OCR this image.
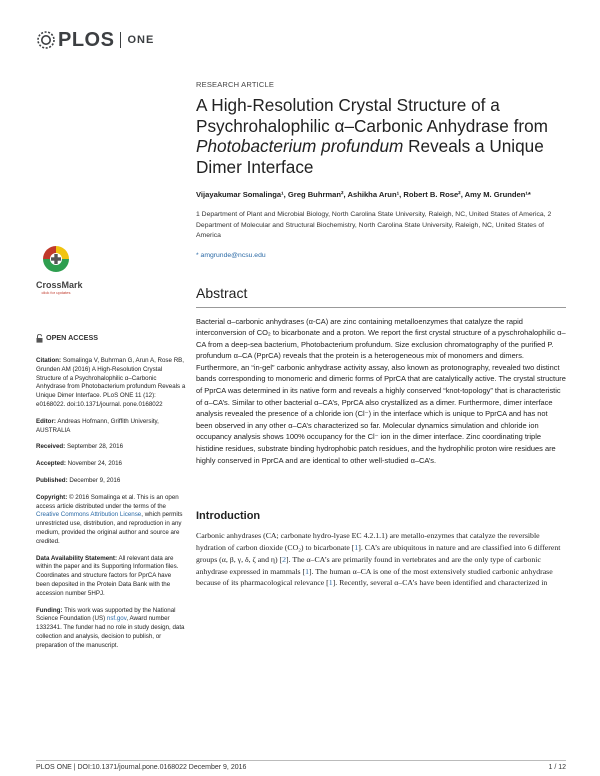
PLOS ONE
CrossMark
click for updates
OPEN ACCESS

Citation: Somalinga V, Buhrman G, Arun A, Rose RB, Grunden AM (2016) A High-Resolution Crystal Structure of a Psychrohalophilic α–Carbonic Anhydrase from Photobacterium profundum Reveals a Unique Dimer Interface. PLoS ONE 11 (12): e0168022. doi:10.1371/journal. pone.0168022

Editor: Andreas Hofmann, Griffith University, AUSTRALIA

Received: September 28, 2016

Accepted: November 24, 2016

Published: December 9, 2016

Copyright: © 2016 Somalinga et al. This is an open access article distributed under the terms of the Creative Commons Attribution License, which permits unrestricted use, distribution, and reproduction in any medium, provided the original author and source are credited.

Data Availability Statement: All relevant data are within the paper and its Supporting Information files. Coordinates and structure factors for PprCA have been deposited in the Protein Data Bank with the accession number 5HPJ.

Funding: This work was supported by the National Science Foundation (US) nsf.gov, Award number 1332341. The funder had no role in study design, data collection and analysis, decision to publish, or preparation of the manuscript.

RESEARCH ARTICLE
A High-Resolution Crystal Structure of a Psychrohalophilic α–Carbonic Anhydrase from Photobacterium profundum Reveals a Unique Dimer Interface
Vijayakumar Somalinga¹, Greg Buhrman², Ashikha Arun¹, Robert B. Rose², Amy M. Grunden¹*
1 Department of Plant and Microbial Biology, North Carolina State University, Raleigh, NC, United States of America, 2 Department of Molecular and Structural Biochemistry, North Carolina State University, Raleigh, NC, United States of America
* amgrunde@ncsu.edu
Abstract
Bacterial α–carbonic anhydrases (α-CA) are zinc containing metalloenzymes that catalyze the rapid interconversion of CO₂ to bicarbonate and a proton. We report the first crystal structure of a pyschrohalophilic α–CA from a deep-sea bacterium, Photobacterium profundum. Size exclusion chromatography of the purified P. profundum α–CA (PprCA) reveals that the protein is a heterogeneous mix of monomers and dimers. Furthermore, an “in-gel” carbonic anhydrase activity assay, also known as protonography, revealed two distinct bands corresponding to monomeric and dimeric forms of PprCA that are catalytically active. The crystal structure of PprCA was determined in its native form and reveals a highly conserved “knot-topology” that is characteristic of α–CA’s. Similar to other bacterial α–CA’s, PprCA also crystallized as a dimer. Furthermore, dimer interface analysis revealed the presence of a chloride ion (Cl⁻) in the interface which is unique to PprCA and has not been observed in any other α–CA’s characterized so far. Molecular dynamics simulation and chloride ion occupancy analysis shows 100% occupancy for the Cl⁻ ion in the dimer interface. Zinc coordinating triple histidine residues, substrate binding hydrophobic patch residues, and the hydrophilic proton wire residues are highly conserved in PprCA and are identical to other well-studied α–CA’s.
Introduction
Carbonic anhydrases (CA; carbonate hydro-lyase EC 4.2.1.1) are metallo-enzymes that catalyze the reversible hydration of carbon dioxide (CO₂) to bicarbonate [1]. CA’s are ubiquitous in nature and are classified into 6 different groups (α, β, γ, δ, ζ and η) [2]. The α–CA’s are primarily found in vertebrates and are the only type of carbonic anhydrase expressed in mammals [1]. The human α–CA is one of the most extensively studied carbonic anhydrase because of its pharmacological relevance [1]. Recently, several α–CA’s have been identified and characterized in
PLOS ONE | DOI:10.1371/journal.pone.0168022 December 9, 2016	1 / 12
